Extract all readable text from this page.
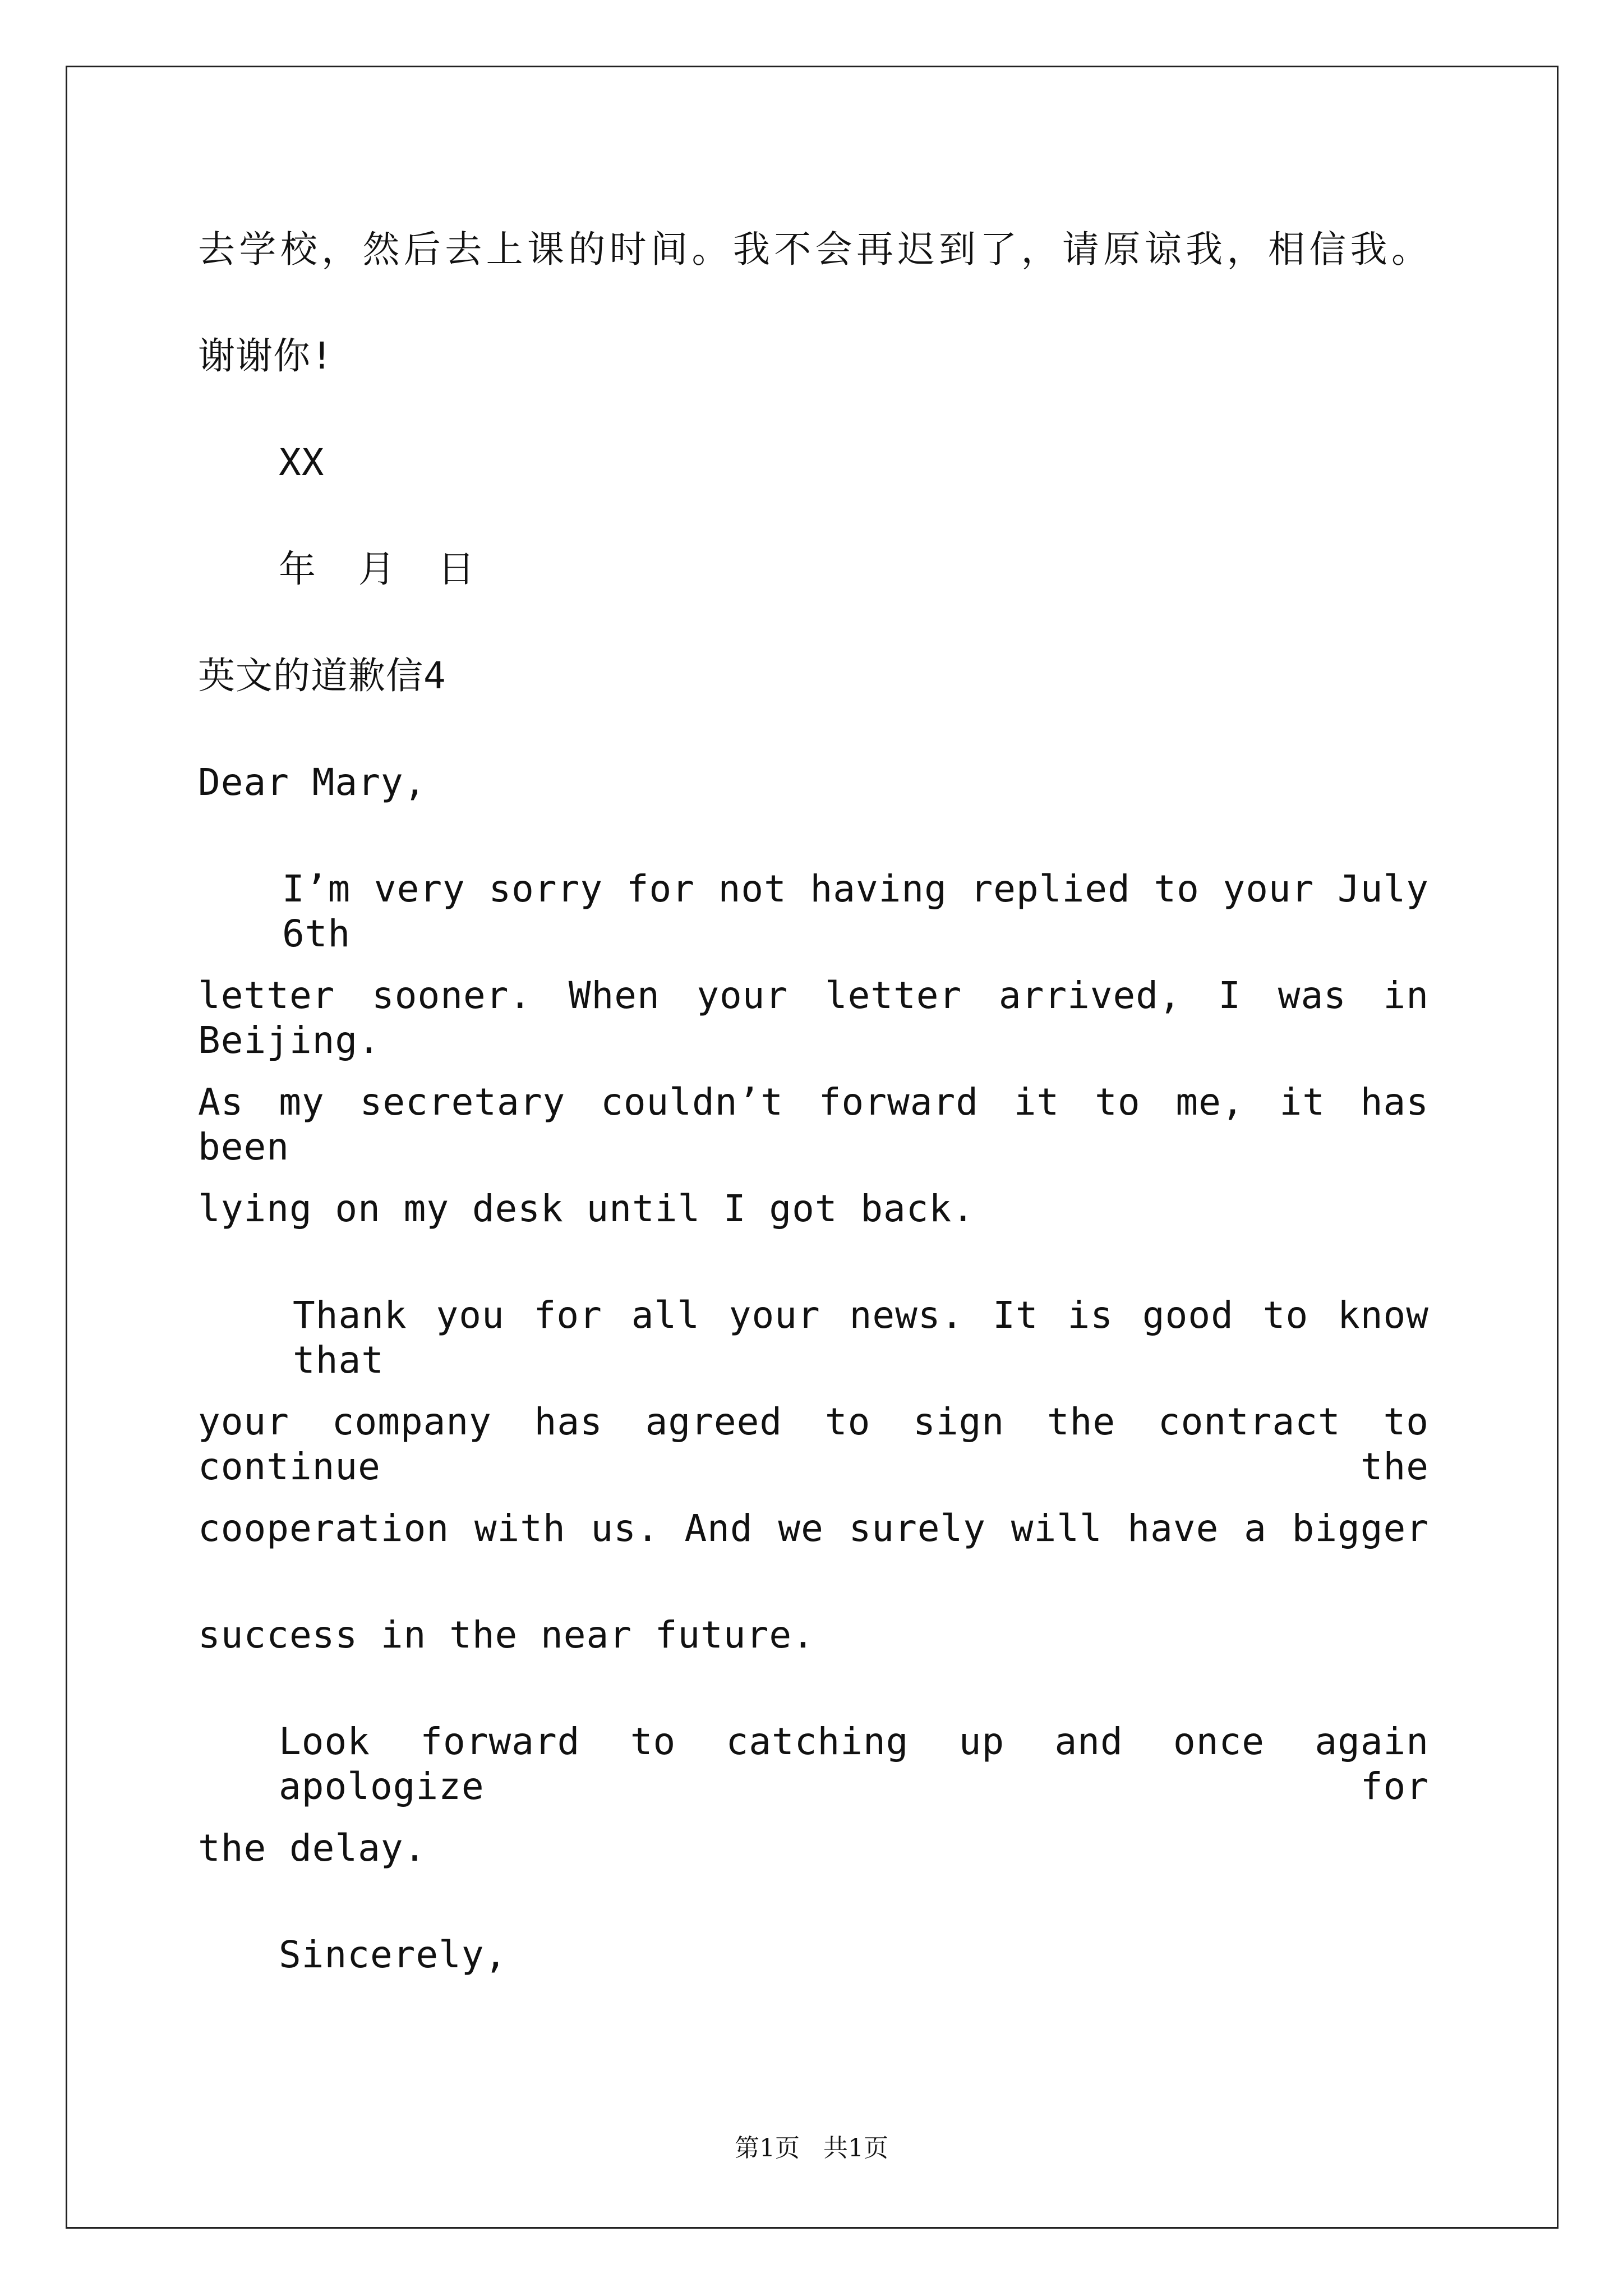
去学校，然后去上课的时间。我不会再迟到了，请原谅我，相信我。
谢谢你!
XX
年 月 日
英文的道歉信4
Dear Mary,
I’m very sorry for not having replied to your July 6th
letter sooner. When your letter arrived, I was in Beijing.
As my secretary couldn’t forward it to me, it has been
lying on my desk until I got back.
Thank you for all your news. It is good to know that
your company has agreed to sign the contract to continue the
cooperation with us. And we surely will have a bigger
success in the near future.
Look forward to catching up and once again apologize for
the delay.
Sincerely,
第1页   共1页
